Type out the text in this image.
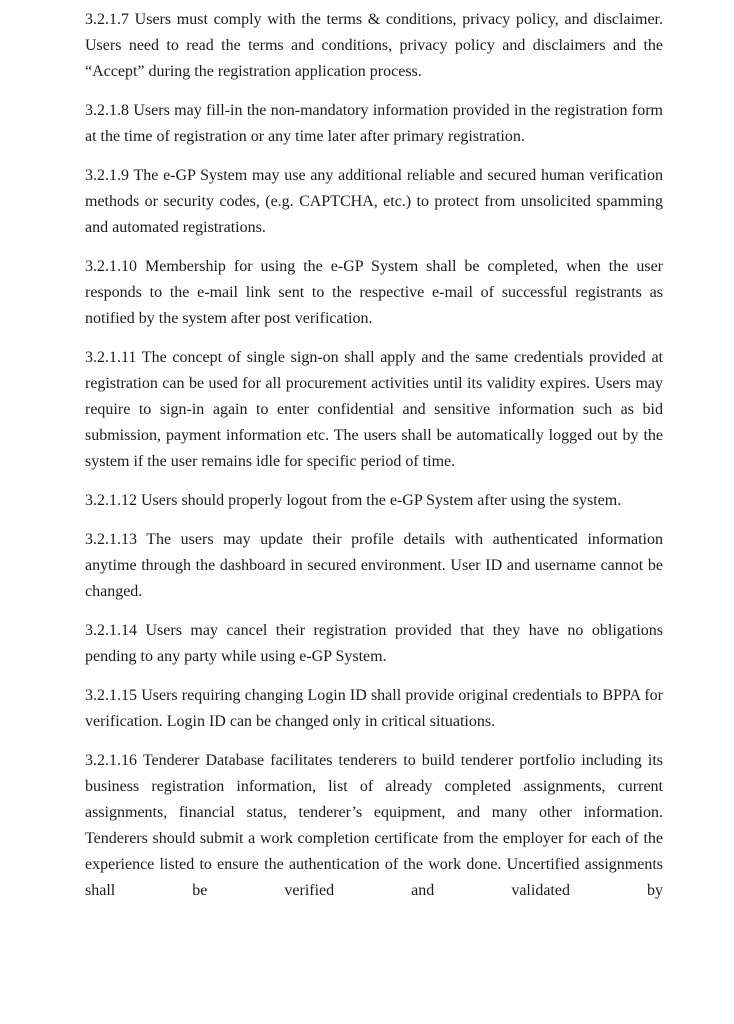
3.2.1.7 Users must comply with the terms & conditions, privacy policy, and disclaimer. Users need to read the terms and conditions, privacy policy and disclaimers and the “Accept” during the registration application process.
3.2.1.8 Users may fill-in the non-mandatory information provided in the registration form at the time of registration or any time later after primary registration.
3.2.1.9 The e-GP System may use any additional reliable and secured human verification methods or security codes, (e.g. CAPTCHA, etc.) to protect from unsolicited spamming and automated registrations.
3.2.1.10 Membership for using the e-GP System shall be completed, when the user responds to the e-mail link sent to the respective e-mail of successful registrants as notified by the system after post verification.
3.2.1.11 The concept of single sign-on shall apply and the same credentials provided at registration can be used for all procurement activities until its validity expires. Users may require to sign-in again to enter confidential and sensitive information such as bid submission, payment information etc. The users shall be automatically logged out by the system if the user remains idle for specific period of time.
3.2.1.12 Users should properly logout from the e-GP System after using the system.
3.2.1.13 The users may update their profile details with authenticated information anytime through the dashboard in secured environment. User ID and username cannot be changed.
3.2.1.14 Users may cancel their registration provided that they have no obligations pending to any party while using e-GP System.
3.2.1.15 Users requiring changing Login ID shall provide original credentials to BPPA for verification. Login ID can be changed only in critical situations.
3.2.1.16 Tenderer Database facilitates tenderers to build tenderer portfolio including its business registration information, list of already completed assignments, current assignments, financial status, tenderer’s equipment, and many other information. Tenderers should submit a work completion certificate from the employer for each of the experience listed to ensure the authentication of the work done. Uncertified assignments shall be verified and validated by
